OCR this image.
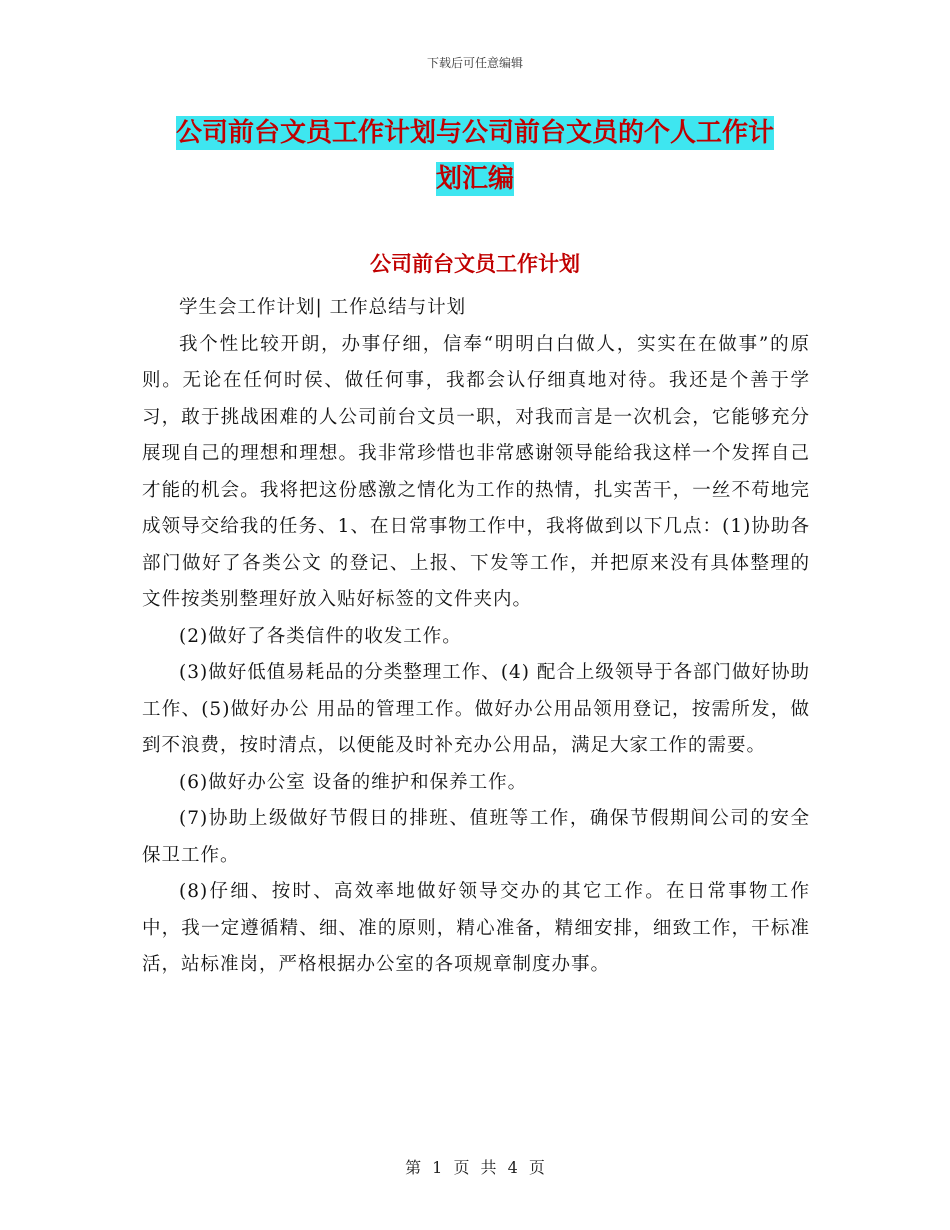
下载后可任意编辑
公司前台文员工作计划与公司前台文员的个人工作计
划汇编
公司前台文员工作计划

学生会工作计划| 工作总结与计划

我个性比较开朗，办事仔细，信奉“明明白白做人，实实在在做事”的原则。无论在任何时侯、做任何事，我都会认仔细真地对待。我还是个善于学习，敢于挑战困难的人公司前台文员一职，对我而言是一次机会，它能够充分展现自己的理想和理想。我非常珍惜也非常感谢领导能给我这样一个发挥自己才能的机会。我将把这份感激之情化为工作的热情，扎实苦干，一丝不苟地完成领导交给我的任务、1、在日常事物工作中，我将做到以下几点：(1)协助各部门做好了各类公文 的登记、上报、下发等工作，并把原来没有具体整理的文件按类别整理好放入贴好标签的文件夹内。

(2)做好了各类信件的收发工作。

(3)做好低值易耗品的分类整理工作、(4) 配合上级领导于各部门做好协助工作、(5)做好办公 用品的管理工作。做好办公用品领用登记，按需所发，做到不浪费，按时清点，以便能及时补充办公用品，满足大家工作的需要。

(6)做好办公室 设备的维护和保养工作。

(7)协助上级做好节假日的排班、值班等工作，确保节假期间公司的安全保卫工作。

(8)仔细、按时、高效率地做好领导交办的其它工作。在日常事物工作中，我一定遵循精、细、准的原则，精心准备，精细安排，细致工作，干标准活，站标准岗，严格根据办公室的各项规章制度办事。

第 1 页 共 4 页
